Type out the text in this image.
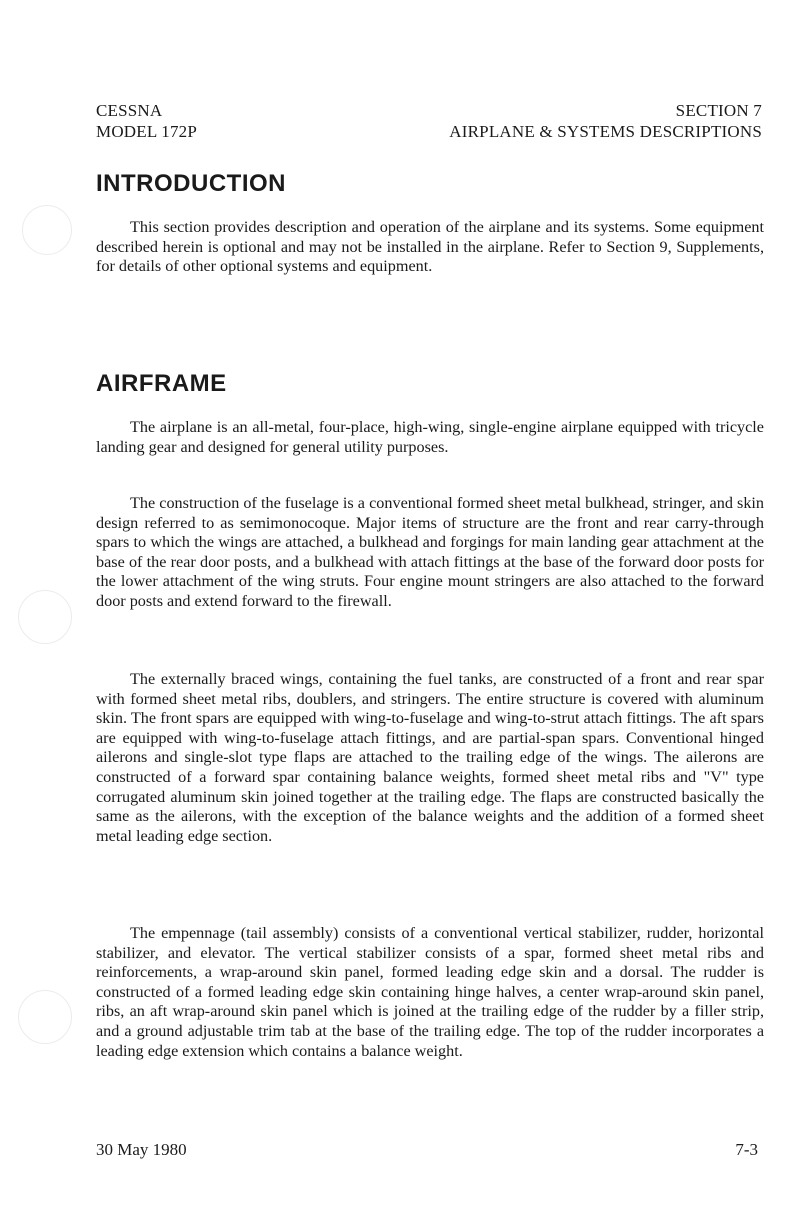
CESSNA
MODEL 172P
SECTION 7
AIRPLANE & SYSTEMS DESCRIPTIONS
INTRODUCTION

This section provides description and operation of the airplane and its systems. Some equipment described herein is optional and may not be installed in the airplane. Refer to Section 9, Supplements, for details of other optional systems and equipment.

AIRFRAME

The airplane is an all-metal, four-place, high-wing, single-engine airplane equipped with tricycle landing gear and designed for general utility purposes.

The construction of the fuselage is a conventional formed sheet metal bulkhead, stringer, and skin design referred to as semimonocoque. Major items of structure are the front and rear carry-through spars to which the wings are attached, a bulkhead and forgings for main landing gear attachment at the base of the rear door posts, and a bulkhead with attach fittings at the base of the forward door posts for the lower attachment of the wing struts. Four engine mount stringers are also attached to the forward door posts and extend forward to the firewall.

The externally braced wings, containing the fuel tanks, are constructed of a front and rear spar with formed sheet metal ribs, doublers, and stringers. The entire structure is covered with aluminum skin. The front spars are equipped with wing-to-fuselage and wing-to-strut attach fittings. The aft spars are equipped with wing-to-fuselage attach fittings, and are partial-span spars. Conventional hinged ailerons and single-slot type flaps are attached to the trailing edge of the wings. The ailerons are constructed of a forward spar containing balance weights, formed sheet metal ribs and "V" type corrugated aluminum skin joined together at the trailing edge. The flaps are constructed basically the same as the ailerons, with the exception of the balance weights and the addition of a formed sheet metal leading edge section.

The empennage (tail assembly) consists of a conventional vertical stabilizer, rudder, horizontal stabilizer, and elevator. The vertical stabilizer consists of a spar, formed sheet metal ribs and reinforcements, a wrap-around skin panel, formed leading edge skin and a dorsal. The rudder is constructed of a formed leading edge skin containing hinge halves, a center wrap-around skin panel, ribs, an aft wrap-around skin panel which is joined at the trailing edge of the rudder by a filler strip, and a ground adjustable trim tab at the base of the trailing edge. The top of the rudder incorporates a leading edge extension which contains a balance weight.

30 May 1980	7-3
